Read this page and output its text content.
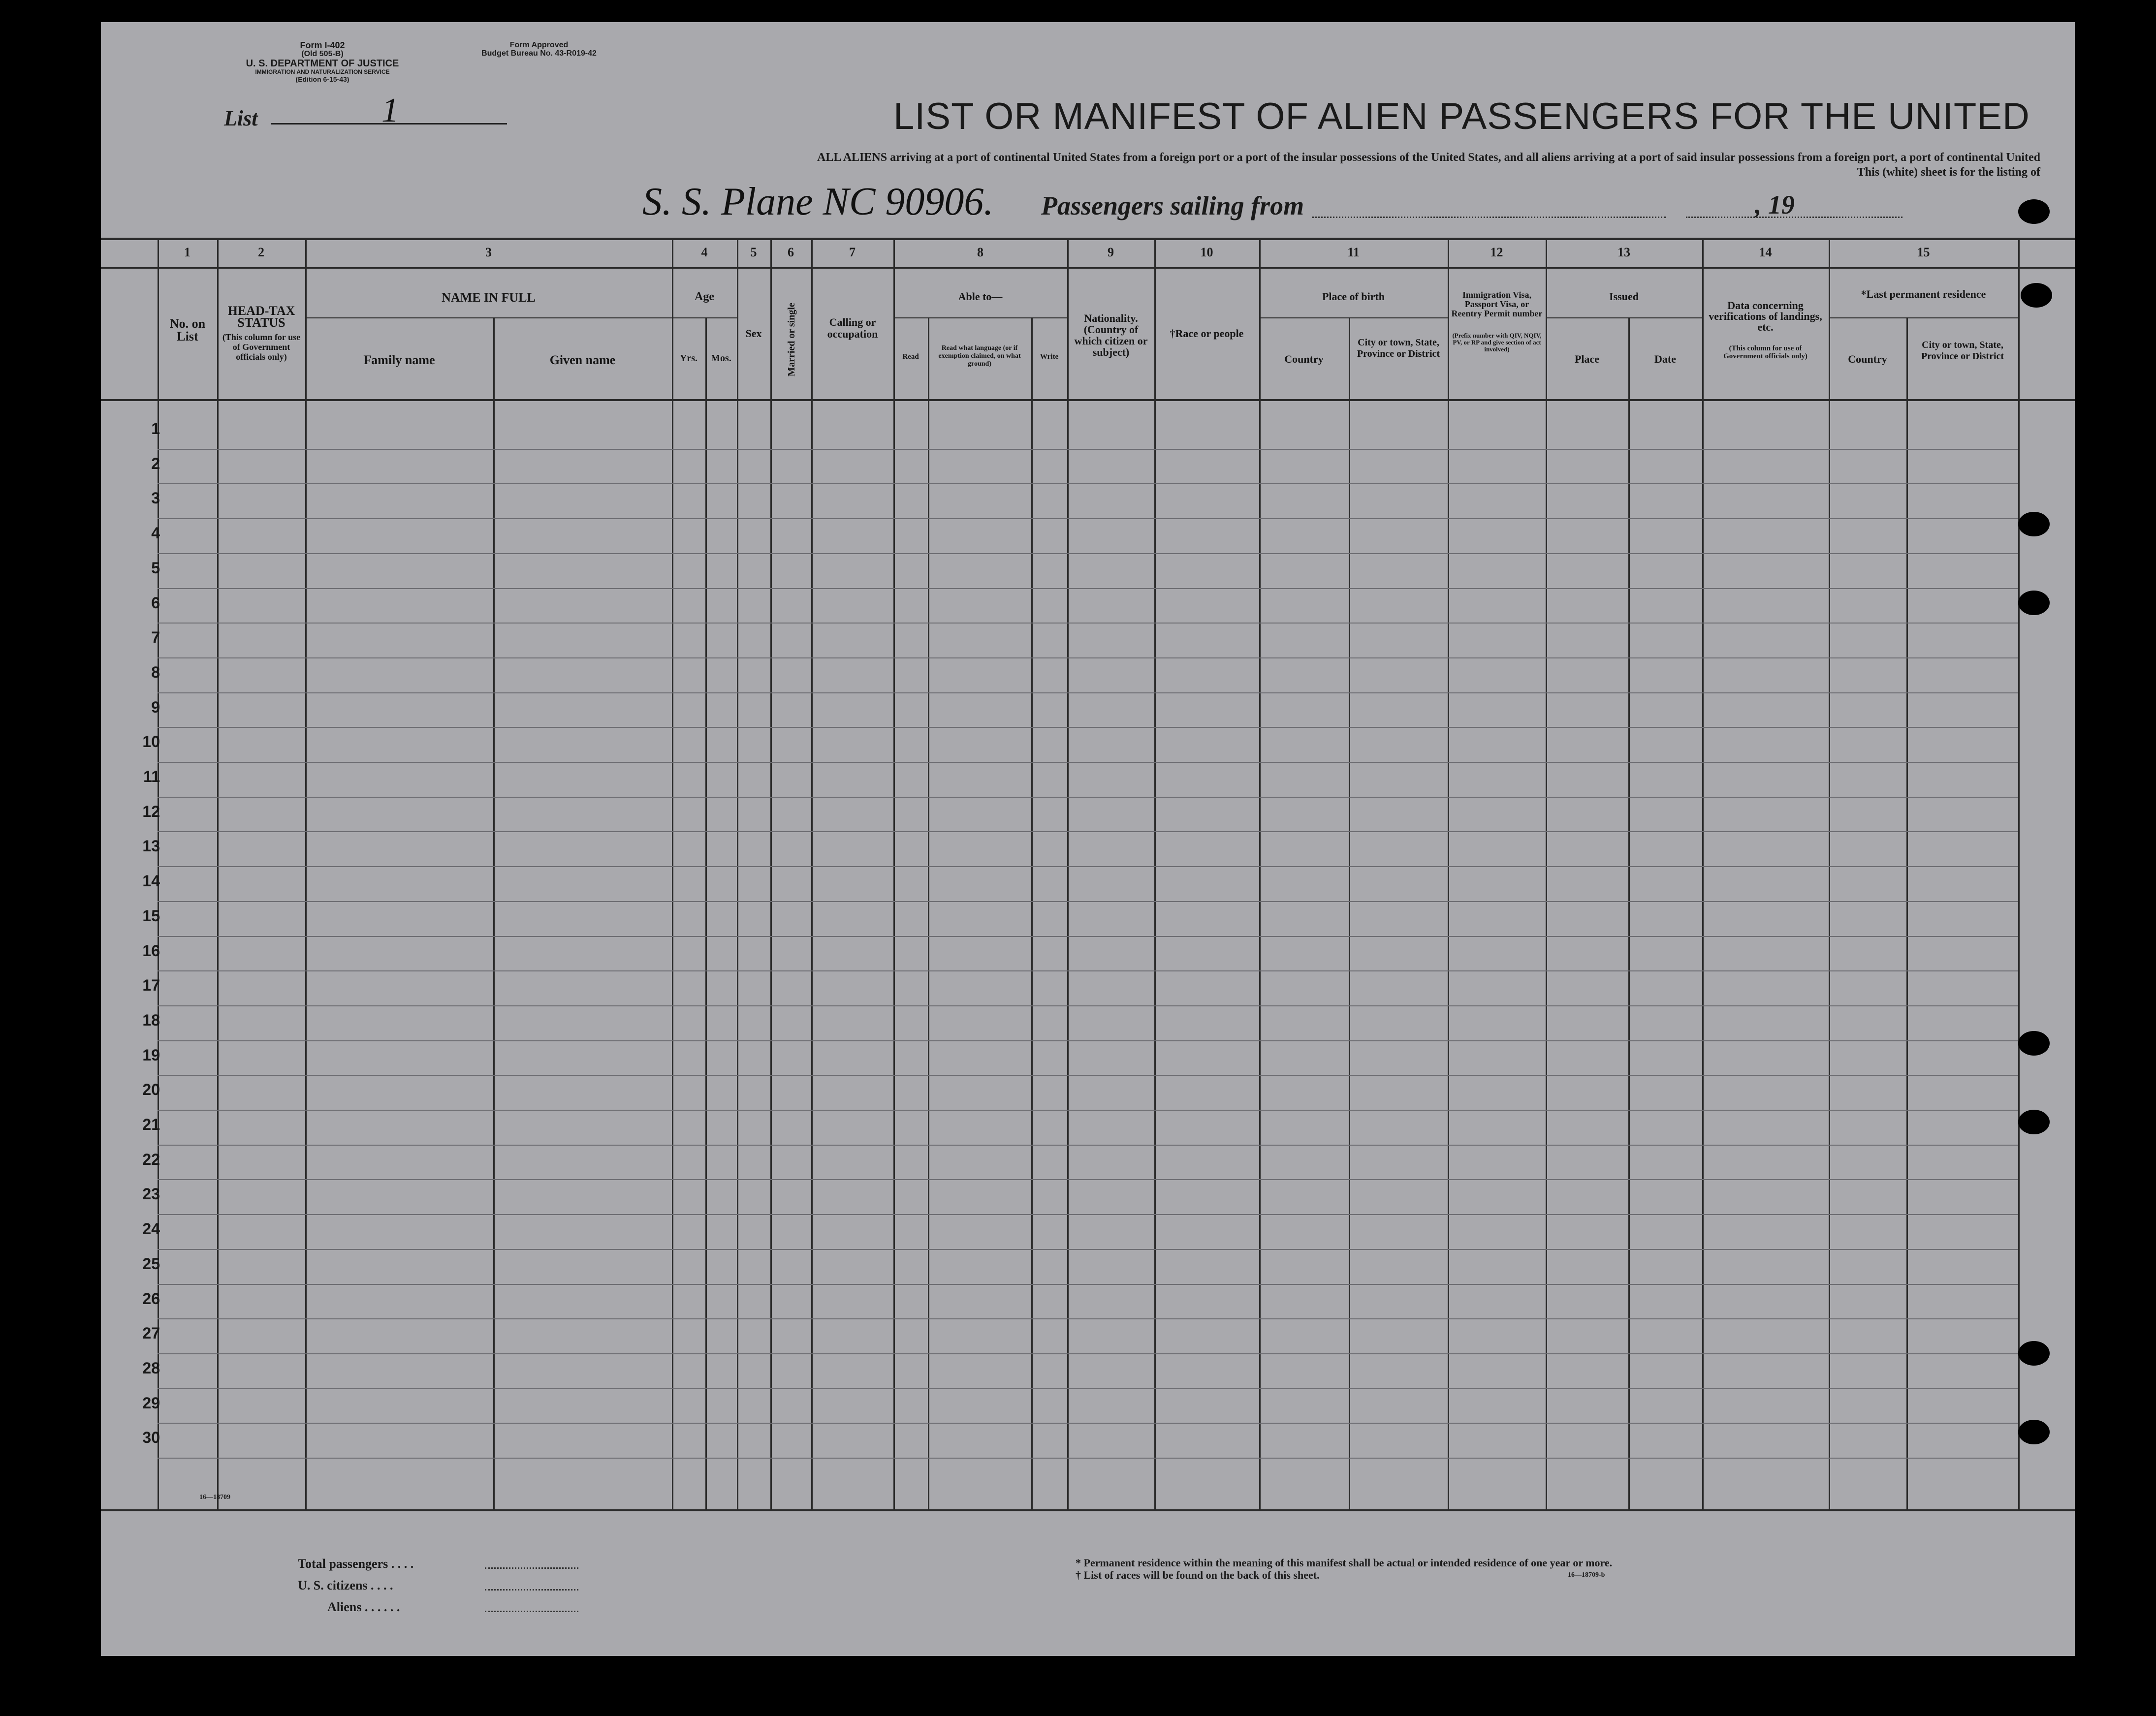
Form I-402
(Old 505-B)
U. S. DEPARTMENT OF JUSTICE
IMMIGRATION AND NATURALIZATION SERVICE
(Edition 6-15-43)
Form Approved
Budget Bureau No. 43-R019-42
List	1	LIST OR MANIFEST OF ALIEN PASSENGERS FOR THE UNITED
ALL ALIENS arriving at a port of continental United States from a foreign port or a port of the insular possessions of the United States, and all aliens arriving at a port of said insular possessions from a foreign port, a port of continental United
This (white) sheet is for the listing of
S. S. Plane NC 90906. Passengers sailing from	, 19
1	2	3	4	5	6	7	8	9	10	11	12	13	14	15
No. on List
HEAD-TAX STATUS
(This column for use of Government officials only)
NAME IN FULL
Family name	Given name
Age
Yrs.	Mos.
Sex	Married or single	Calling or occupation
Able to—
Read
Read what language (or if exemption claimed, on what ground)
Write
Nationality. (Country of which citizen or subject)
†Race or people
Place of birth
Country
City or town, State, Province or District
Immigration Visa, Passport Visa, or Reentry Permit number
(Prefix number with QIV, NQIV, PV, or RP and give section of act involved)
Issued
Place	Date
Data concerning verifications of landings, etc.
(This column for use of Government officials only)
*Last permanent residence
Country
City or town, State, Province or District
1
2
3
4
5
6
7
8
9
10
11
12
13
14
15
16
17
18
19
20
21
22
23
24
25
26
27
28
29
30
16—18709
Total passengers . . . .
U. S. citizens . . . .
Aliens . . . . . .
* Permanent residence within the meaning of this manifest shall be actual or intended residence of one year or more.
† List of races will be found on the back of this sheet.	16—18709-b
